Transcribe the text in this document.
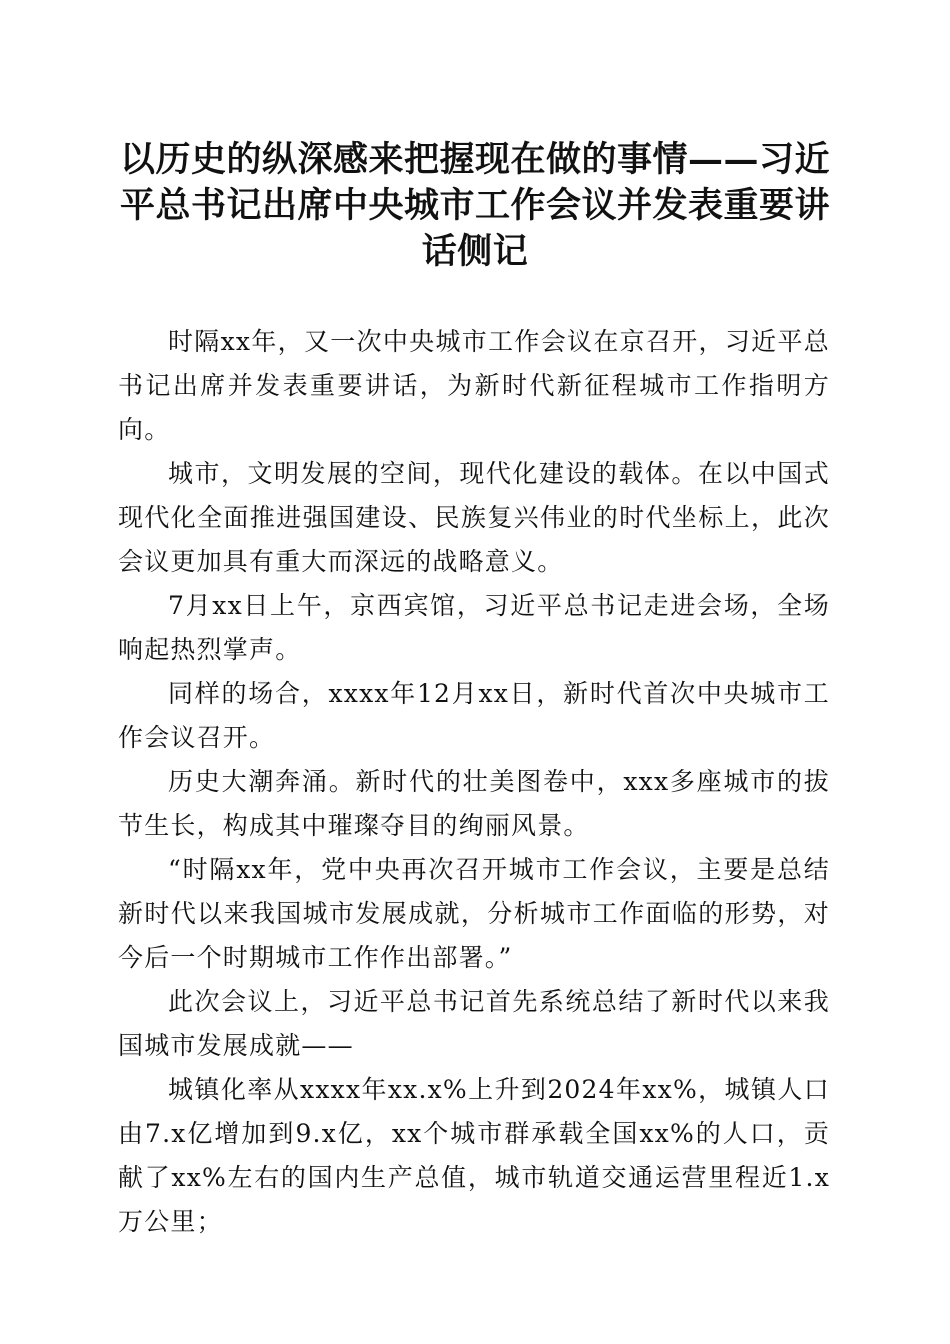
以历史的纵深感来把握现在做的事情——习近平总书记出席中央城市工作会议并发表重要讲话侧记

时隔xx年，又一次中央城市工作会议在京召开，习近平总书记出席并发表重要讲话，为新时代新征程城市工作指明方向。

城市，文明发展的空间，现代化建设的载体。在以中国式现代化全面推进强国建设、民族复兴伟业的时代坐标上，此次会议更加具有重大而深远的战略意义。

7月xx日上午，京西宾馆，习近平总书记走进会场，全场响起热烈掌声。

同样的场合，xxxx年12月xx日，新时代首次中央城市工作会议召开。

历史大潮奔涌。新时代的壮美图卷中，xxx多座城市的拔节生长，构成其中璀璨夺目的绚丽风景。

“时隔xx年，党中央再次召开城市工作会议，主要是总结新时代以来我国城市发展成就，分析城市工作面临的形势，对今后一个时期城市工作作出部署。”

此次会议上，习近平总书记首先系统总结了新时代以来我国城市发展成就——

城镇化率从xxxx年xx.x%上升到2024年xx%，城镇人口由7.x亿增加到9.x亿，xx个城市群承载全国xx%的人口，贡献了xx%左右的国内生产总值，城市轨道交通运营里程近1.x万公里；
